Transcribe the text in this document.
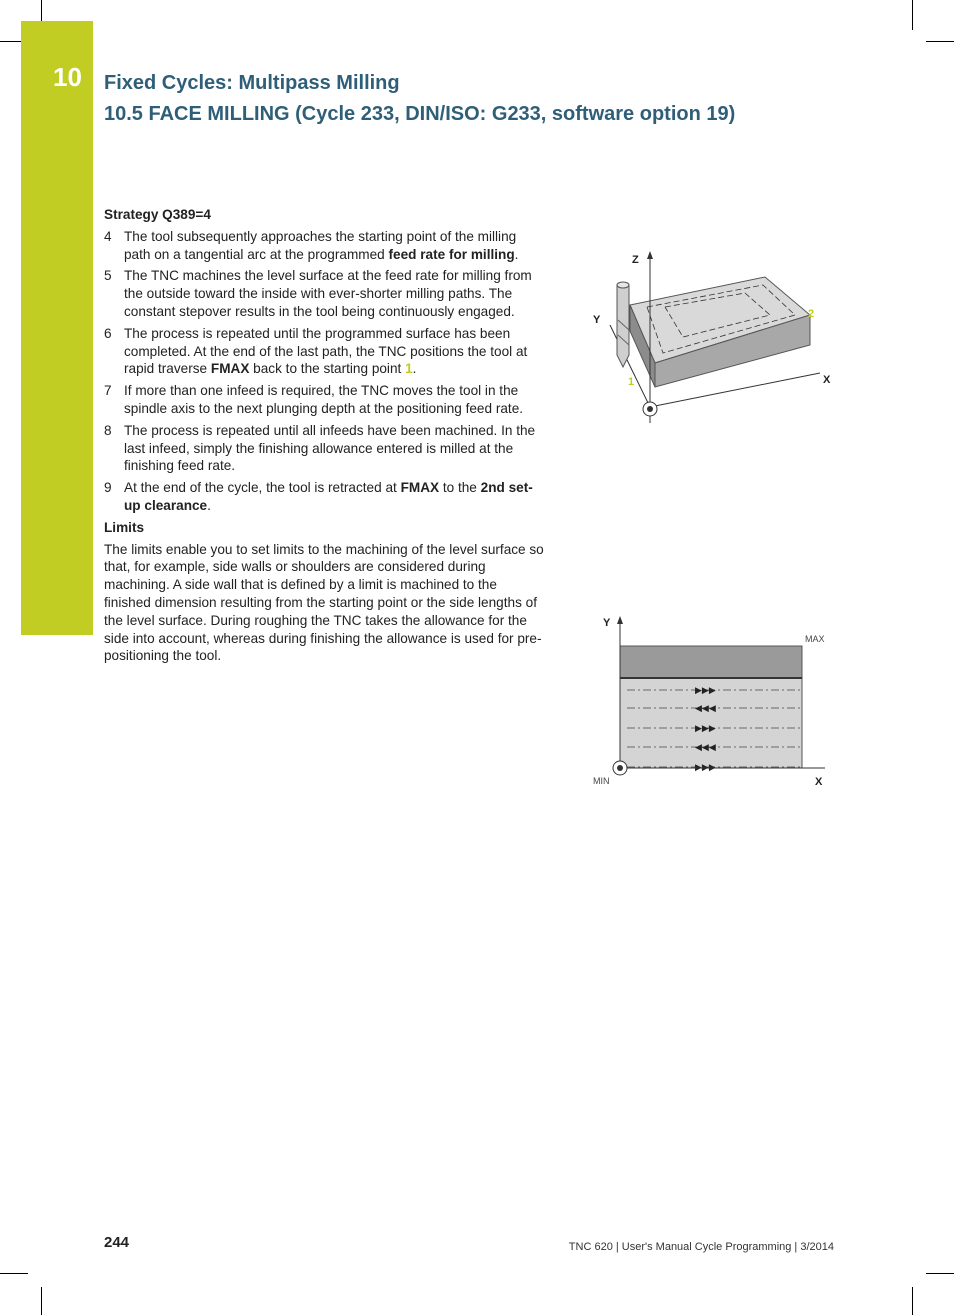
10 Fixed Cycles: Multipass Milling
10.5 FACE MILLING (Cycle 233, DIN/ISO: G233, software option 19)
Strategy Q389=4
4 The tool subsequently approaches the starting point of the milling path on a tangential arc at the programmed feed rate for milling.
5 The TNC machines the level surface at the feed rate for milling from the outside toward the inside with ever-shorter milling paths. The constant stepover results in the tool being continuously engaged.
6 The process is repeated until the programmed surface has been completed. At the end of the last path, the TNC positions the tool at rapid traverse FMAX back to the starting point 1.
7 If more than one infeed is required, the TNC moves the tool in the spindle axis to the next plunging depth at the positioning feed rate.
8 The process is repeated until all infeeds have been machined. In the last infeed, simply the finishing allowance entered is milled at the finishing feed rate.
9 At the end of the cycle, the tool is retracted at FMAX to the 2nd set-up clearance.
Limits

The limits enable you to set limits to the machining of the level surface so that, for example, side walls or shoulders are considered during machining. A side wall that is defined by a limit is machined to the finished dimension resulting from the starting point or the side lengths of the level surface. During roughing the TNC takes the allowance for the side into account, whereas during finishing the allowance is used for pre-positioning the tool.

Z
Y
X
1
2
▶▶▶
◀◀◀
▶▶▶
◀◀◀
▶▶▶
Y
X
MAX
MIN
244	TNC 620 | User's Manual Cycle Programming | 3/2014
